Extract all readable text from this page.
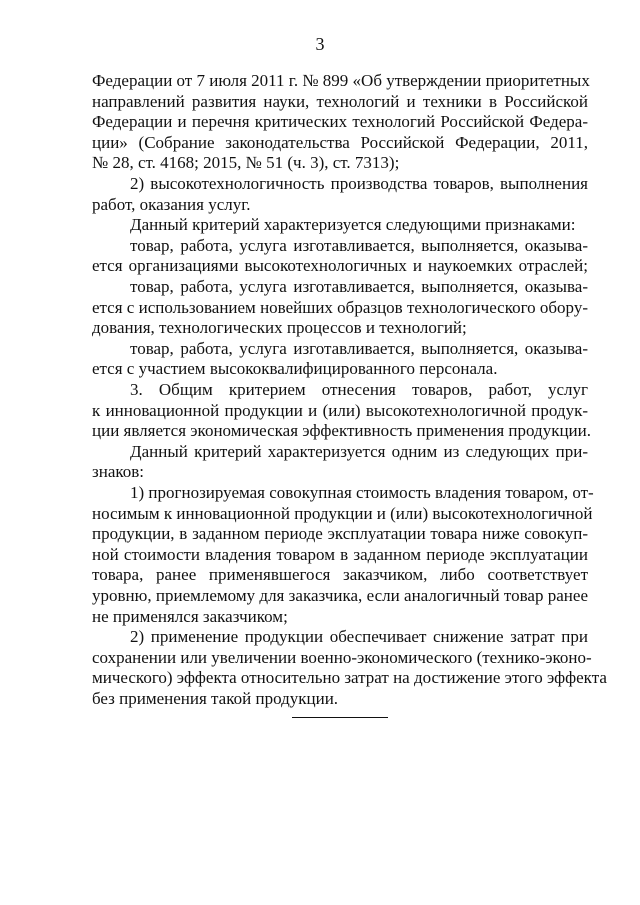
3
Федерации от 7 июля 2011 г. № 899 «Об утверждении приоритетных
направлений развития науки, технологий и техники в Российской
Федерации и перечня критических технологий Российской Федера-
ции» (Собрание законодательства Российской Федерации, 2011,
№ 28, ст. 4168; 2015, № 51 (ч. 3), ст. 7313);
2) высокотехнологичность производства товаров, выполнения
работ, оказания услуг.
Данный критерий характеризуется следующими признаками:
товар, работа, услуга изготавливается, выполняется, оказыва-
ется организациями высокотехнологичных и наукоемких отраслей;
товар, работа, услуга изготавливается, выполняется, оказыва-
ется с использованием новейших образцов технологического обору-
дования, технологических процессов и технологий;
товар, работа, услуга изготавливается, выполняется, оказыва-
ется с участием высококвалифицированного персонала.
3. Общим критерием отнесения товаров, работ, услуг
к инновационной продукции и (или) высокотехнологичной продук-
ции является экономическая эффективность применения продукции.
Данный критерий характеризуется одним из следующих при-
знаков:
1) прогнозируемая совокупная стоимость владения товаром, от-
носимым к инновационной продукции и (или) высокотехнологичной
продукции, в заданном периоде эксплуатации товара ниже совокуп-
ной стоимости владения товаром в заданном периоде эксплуатации
товара, ранее применявшегося заказчиком, либо соответствует
уровню, приемлемому для заказчика, если аналогичный товар ранее
не применялся заказчиком;
2) применение продукции обеспечивает снижение затрат при
сохранении или увеличении военно-экономического (технико-эконо-
мического) эффекта относительно затрат на достижение этого эффекта
без применения такой продукции.
